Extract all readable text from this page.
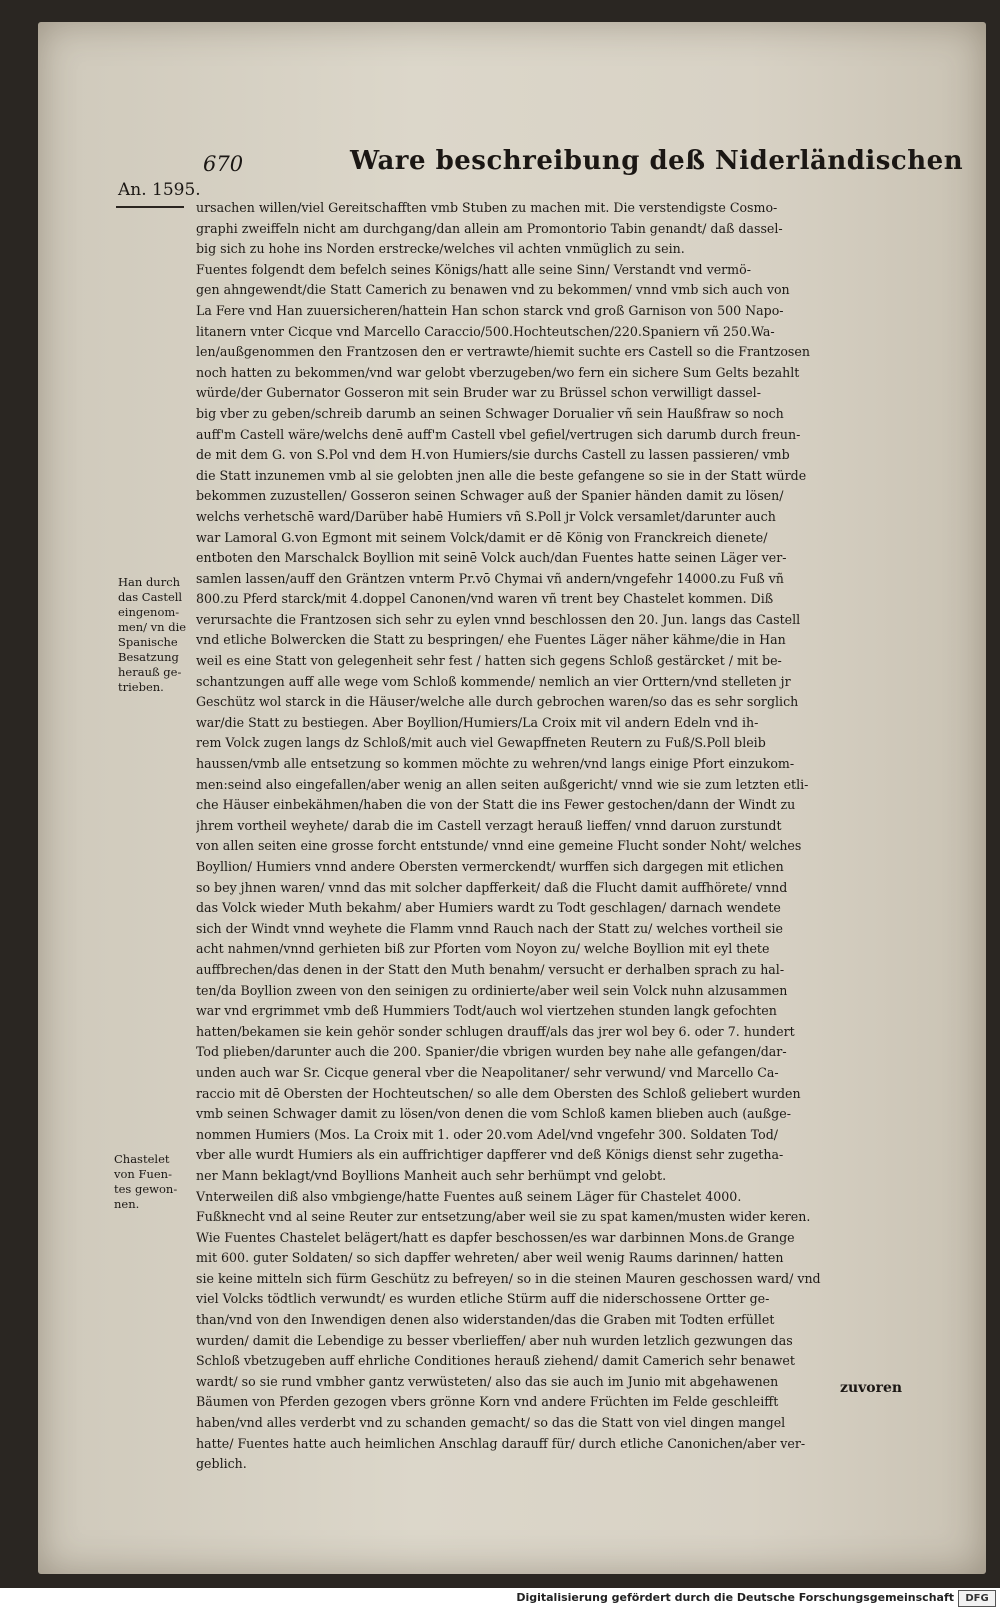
670	Ware beschreibung deß Niderländischen
An. 1595.
Han durch
das Castell
eingenom-
men/ vn die
Spanische
Besatzung
herauß ge-
trieben.
Chastelet
von Fuen-
tes gewon-
nen.
ursachen willen/viel Gereitschafften vmb Stuben zu machen mit. Die verstendigste Cosmo-
graphi zweiffeln nicht am durchgang/dan allein am Promontorio Tabin genandt/ daß dassel-
big sich zu hohe ins Norden erstrecke/welches vil achten vnmüglich zu sein.
Fuentes folgendt dem befelch seines Königs/hatt alle seine Sinn/ Verstandt vnd vermö-
gen ahngewendt/die Statt Camerich zu benawen vnd zu bekommen/ vnnd vmb sich auch von
La Fere vnd Han zuuersicheren/hattein Han schon starck vnd groß Garnison von 500 Napo-
litanern vnter Cicque vnd Marcello Caraccio/500.Hochteutschen/220.Spaniern vñ 250.Wa-
len/außgenommen den Frantzosen den er vertrawte/hiemit suchte ers Castell so die Frantzosen
noch hatten zu bekommen/vnd war gelobt vberzugeben/wo fern ein sichere Sum Gelts bezahlt
würde/der Gubernator Gosseron mit sein Bruder war zu Brüssel schon verwilligt dassel-
big vber zu geben/schreib darumb an seinen Schwager Dorualier vñ sein Haußfraw so noch
auff'm Castell wäre/welchs denē auff'm Castell vbel gefiel/vertrugen sich darumb durch freun-
de mit dem G. von S.Pol vnd dem H.von Humiers/sie durchs Castell zu lassen passieren/ vmb
die Statt inzunemen vmb al sie gelobten jnen alle die beste gefangene so sie in der Statt würde
bekommen zuzustellen/ Gosseron seinen Schwager auß der Spanier händen damit zu lösen/
welchs verhetschē ward/Darüber habē Humiers vñ S.Poll jr Volck versamlet/darunter auch
war Lamoral G.von Egmont mit seinem Volck/damit er dē König von Franckreich dienete/
entboten den Marschalck Boyllion mit seinē Volck auch/dan Fuentes hatte seinen Läger ver-
samlen lassen/auff den Gräntzen vnterm Pr.vō Chymai vñ andern/vngefehr 14000.zu Fuß vñ
800.zu Pferd starck/mit 4.doppel Canonen/vnd waren vñ trent bey Chastelet kommen. Diß
verursachte die Frantzosen sich sehr zu eylen vnnd beschlossen den 20. Jun. langs das Castell
vnd etliche Bolwercken die Statt zu bespringen/ ehe Fuentes Läger näher kähme/die in Han
weil es eine Statt von gelegenheit sehr fest / hatten sich gegens Schloß gestärcket / mit be-
schantzungen auff alle wege vom Schloß kommende/ nemlich an vier Orttern/vnd stelleten jr
Geschütz wol starck in die Häuser/welche alle durch gebrochen waren/so das es sehr sorglich
war/die Statt zu bestiegen. Aber Boyllion/Humiers/La Croix mit vil andern Edeln vnd ih-
rem Volck zugen langs dz Schloß/mit auch viel Gewapffneten Reutern zu Fuß/S.Poll bleib
haussen/vmb alle entsetzung so kommen möchte zu wehren/vnd langs einige Pfort einzukom-
men:seind also eingefallen/aber wenig an allen seiten außgericht/ vnnd wie sie zum letzten etli-
che Häuser einbekähmen/haben die von der Statt die ins Fewer gestochen/dann der Windt zu
jhrem vortheil weyhete/ darab die im Castell verzagt herauß lieffen/ vnnd daruon zurstundt
von allen seiten eine grosse forcht entstunde/ vnnd eine gemeine Flucht sonder Noht/ welches
Boyllion/ Humiers vnnd andere Obersten vermerckendt/ wurffen sich dargegen mit etlichen
so bey jhnen waren/ vnnd das mit solcher dapfferkeit/ daß die Flucht damit auffhörete/ vnnd
das Volck wieder Muth bekahm/ aber Humiers wardt zu Todt geschlagen/ darnach wendete
sich der Windt vnnd weyhete die Flamm vnnd Rauch nach der Statt zu/ welches vortheil sie
acht nahmen/vnnd gerhieten biß zur Pforten vom Noyon zu/ welche Boyllion mit eyl thete
auffbrechen/das denen in der Statt den Muth benahm/ versucht er derhalben sprach zu hal-
ten/da Boyllion zween von den seinigen zu ordinierte/aber weil sein Volck nuhn alzusammen
war vnd ergrimmet vmb deß Hummiers Todt/auch wol viertzehen stunden langk gefochten
hatten/bekamen sie kein gehör sonder schlugen drauff/als das jrer wol bey 6. oder 7. hundert
Tod plieben/darunter auch die 200. Spanier/die vbrigen wurden bey nahe alle gefangen/dar-
unden auch war Sr. Cicque general vber die Neapolitaner/ sehr verwund/ vnd Marcello Ca-
raccio mit dē Obersten der Hochteutschen/ so alle dem Obersten des Schloß geliebert wurden
vmb seinen Schwager damit zu lösen/von denen die vom Schloß kamen blieben auch (außge-
nommen Humiers (Mos. La Croix mit 1. oder 20.vom Adel/vnd vngefehr 300. Soldaten Tod/
vber alle wurdt Humiers als ein auffrichtiger dapfferer vnd deß Königs dienst sehr zugetha-
ner Mann beklagt/vnd Boyllions Manheit auch sehr berhümpt vnd gelobt.
Vnterweilen diß also vmbgienge/hatte Fuentes auß seinem Läger für Chastelet 4000.
Fußknecht vnd al seine Reuter zur entsetzung/aber weil sie zu spat kamen/musten wider keren.
Wie Fuentes Chastelet belägert/hatt es dapfer beschossen/es war darbinnen Mons.de Grange
mit 600. guter Soldaten/ so sich dapffer wehreten/ aber weil wenig Raums darinnen/ hatten
sie keine mitteln sich fürm Geschütz zu befreyen/ so in die steinen Mauren geschossen ward/ vnd
viel Volcks tödtlich verwundt/ es wurden etliche Stürm auff die niderschossene Ortter ge-
than/vnd von den Inwendigen denen also widerstanden/das die Graben mit Todten erfüllet
wurden/ damit die Lebendige zu besser vberlieffen/ aber nuh wurden letzlich gezwungen das
Schloß vbetzugeben auff ehrliche Conditiones herauß ziehend/ damit Camerich sehr benawet
wardt/ so sie rund vmbher gantz verwüsteten/ also das sie auch im Junio mit abgehawenen
Bäumen von Pferden gezogen vbers grönne Korn vnd andere Früchten im Felde geschleifft
haben/vnd alles verderbt vnd zu schanden gemacht/ so das die Statt von viel dingen mangel
hatte/ Fuentes hatte auch heimlichen Anschlag darauff für/ durch etliche Canonichen/aber ver-
geblich.
zuvoren
Digitalisierung gefördert durch die Deutsche Forschungsgemeinschaft	DFG
